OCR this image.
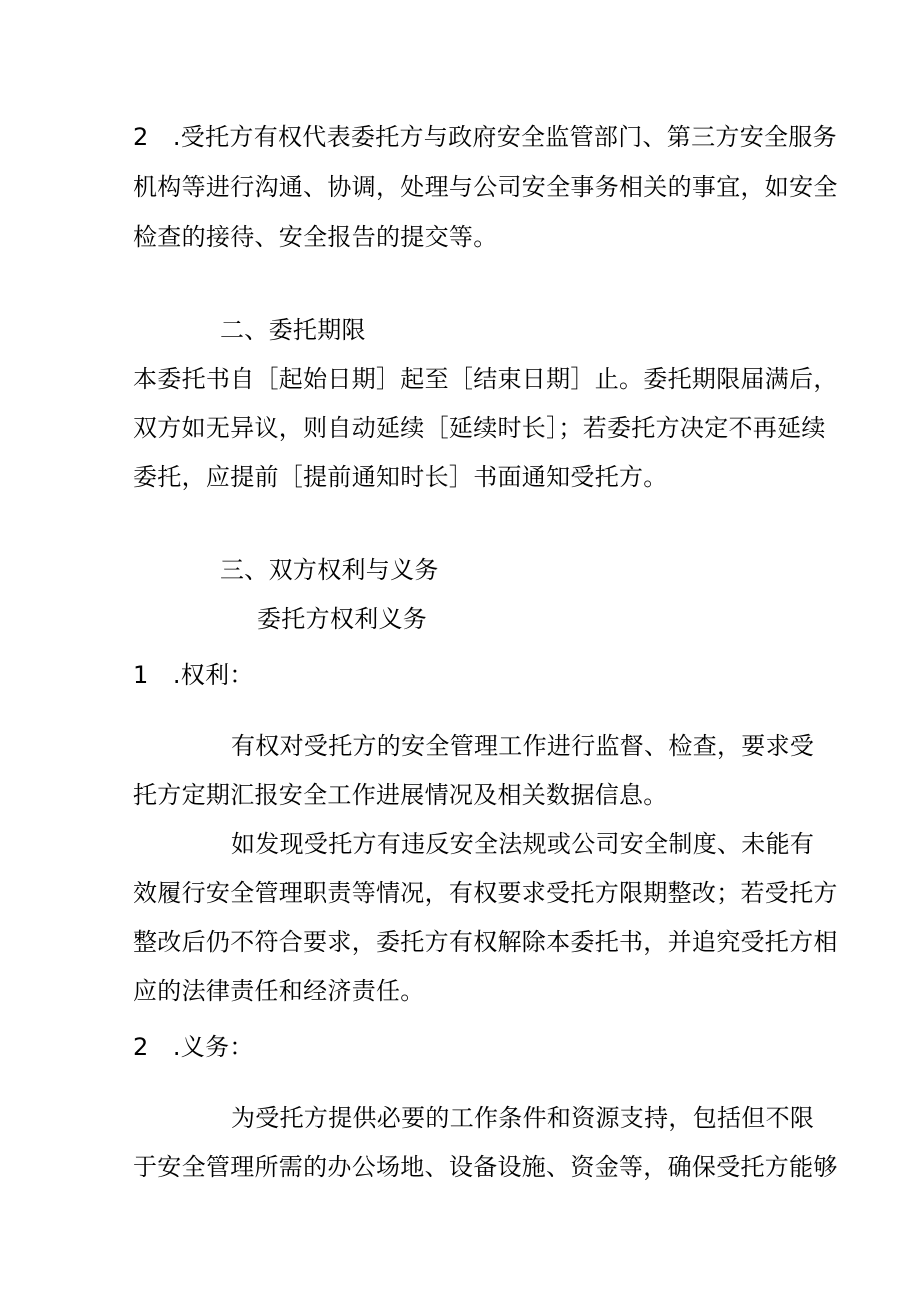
2　.受托方有权代表委托方与政府安全监管部门、第三方安全服务
机构等进行沟通、协调，处理与公司安全事务相关的事宜，如安全
检查的接待、安全报告的提交等。
二、委托期限
本委托书自［起始日期］起至［结束日期］止。委托期限届满后，
双方如无异议，则自动延续［延续时长］；若委托方决定不再延续
委托，应提前［提前通知时长］书面通知受托方。
三、双方权利与义务
委托方权利义务
1　.权利：
有权对受托方的安全管理工作进行监督、检查，要求受
托方定期汇报安全工作进展情况及相关数据信息。
如发现受托方有违反安全法规或公司安全制度、未能有
效履行安全管理职责等情况，有权要求受托方限期整改；若受托方
整改后仍不符合要求，委托方有权解除本委托书，并追究受托方相
应的法律责任和经济责任。
2　.义务：
为受托方提供必要的工作条件和资源支持，包括但不限
于安全管理所需的办公场地、设备设施、资金等，确保受托方能够
